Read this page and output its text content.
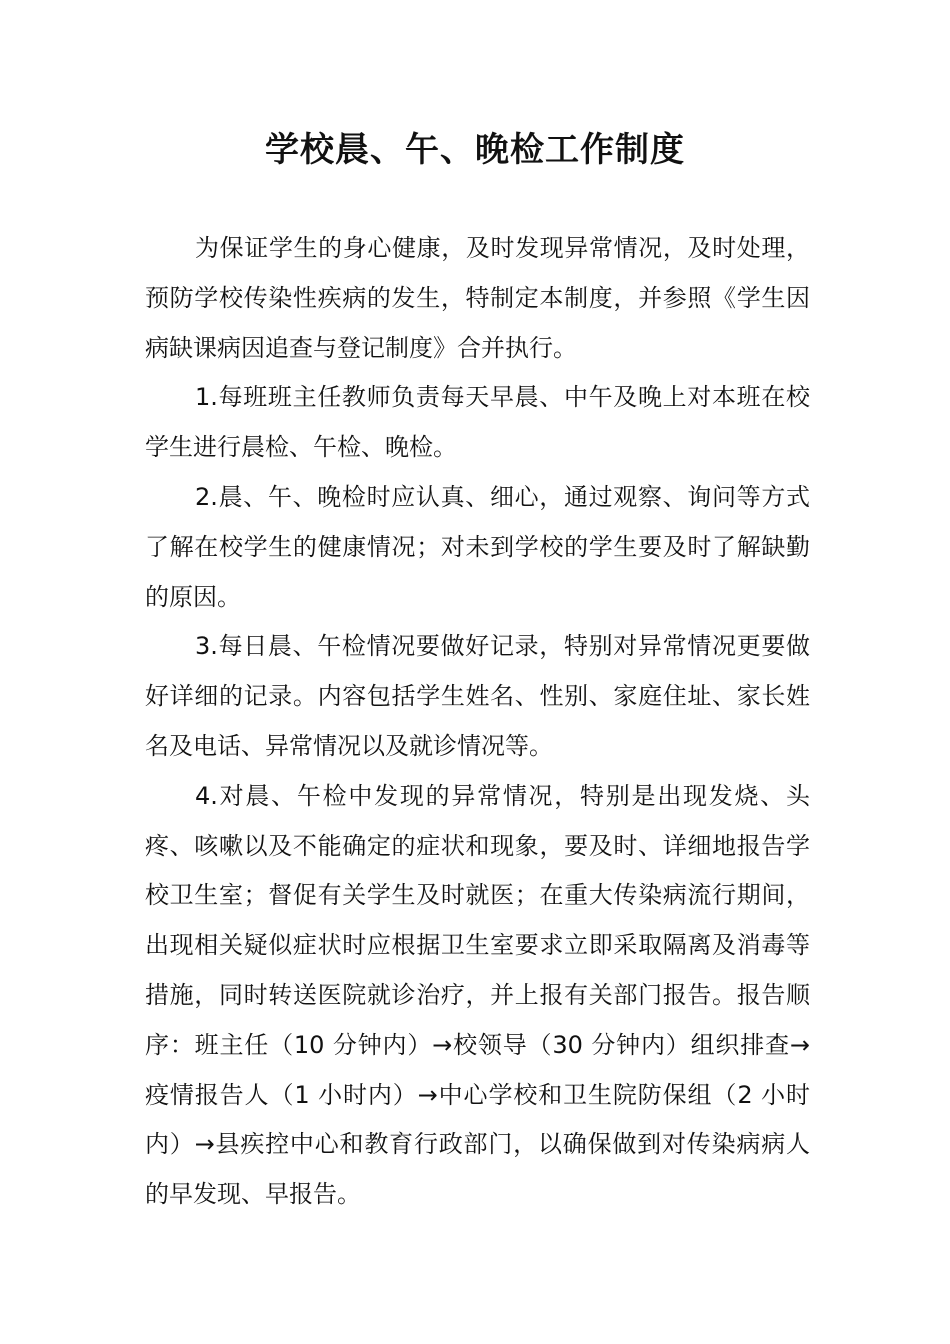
学校晨、午、晚检工作制度

为保证学生的身心健康，及时发现异常情况，及时处理，预防学校传染性疾病的发生，特制定本制度，并参照《学生因病缺课病因追查与登记制度》合并执行。

1.每班班主任教师负责每天早晨、中午及晚上对本班在校学生进行晨检、午检、晚检。

2.晨、午、晚检时应认真、细心，通过观察、询问等方式了解在校学生的健康情况；对未到学校的学生要及时了解缺勤的原因。

3.每日晨、午检情况要做好记录，特别对异常情况更要做好详细的记录。内容包括学生姓名、性别、家庭住址、家长姓名及电话、异常情况以及就诊情况等。

4.对晨、午检中发现的异常情况，特别是出现发烧、头疼、咳嗽以及不能确定的症状和现象，要及时、详细地报告学校卫生室；督促有关学生及时就医；在重大传染病流行期间，出现相关疑似症状时应根据卫生室要求立即采取隔离及消毒等措施，同时转送医院就诊治疗，并上报有关部门报告。报告顺序：班主任（10 分钟内）→校领导（30 分钟内）组织排查→疫情报告人（1 小时内）→中心学校和卫生院防保组（2 小时内）→县疾控中心和教育行政部门，以确保做到对传染病病人的早发现、早报告。
